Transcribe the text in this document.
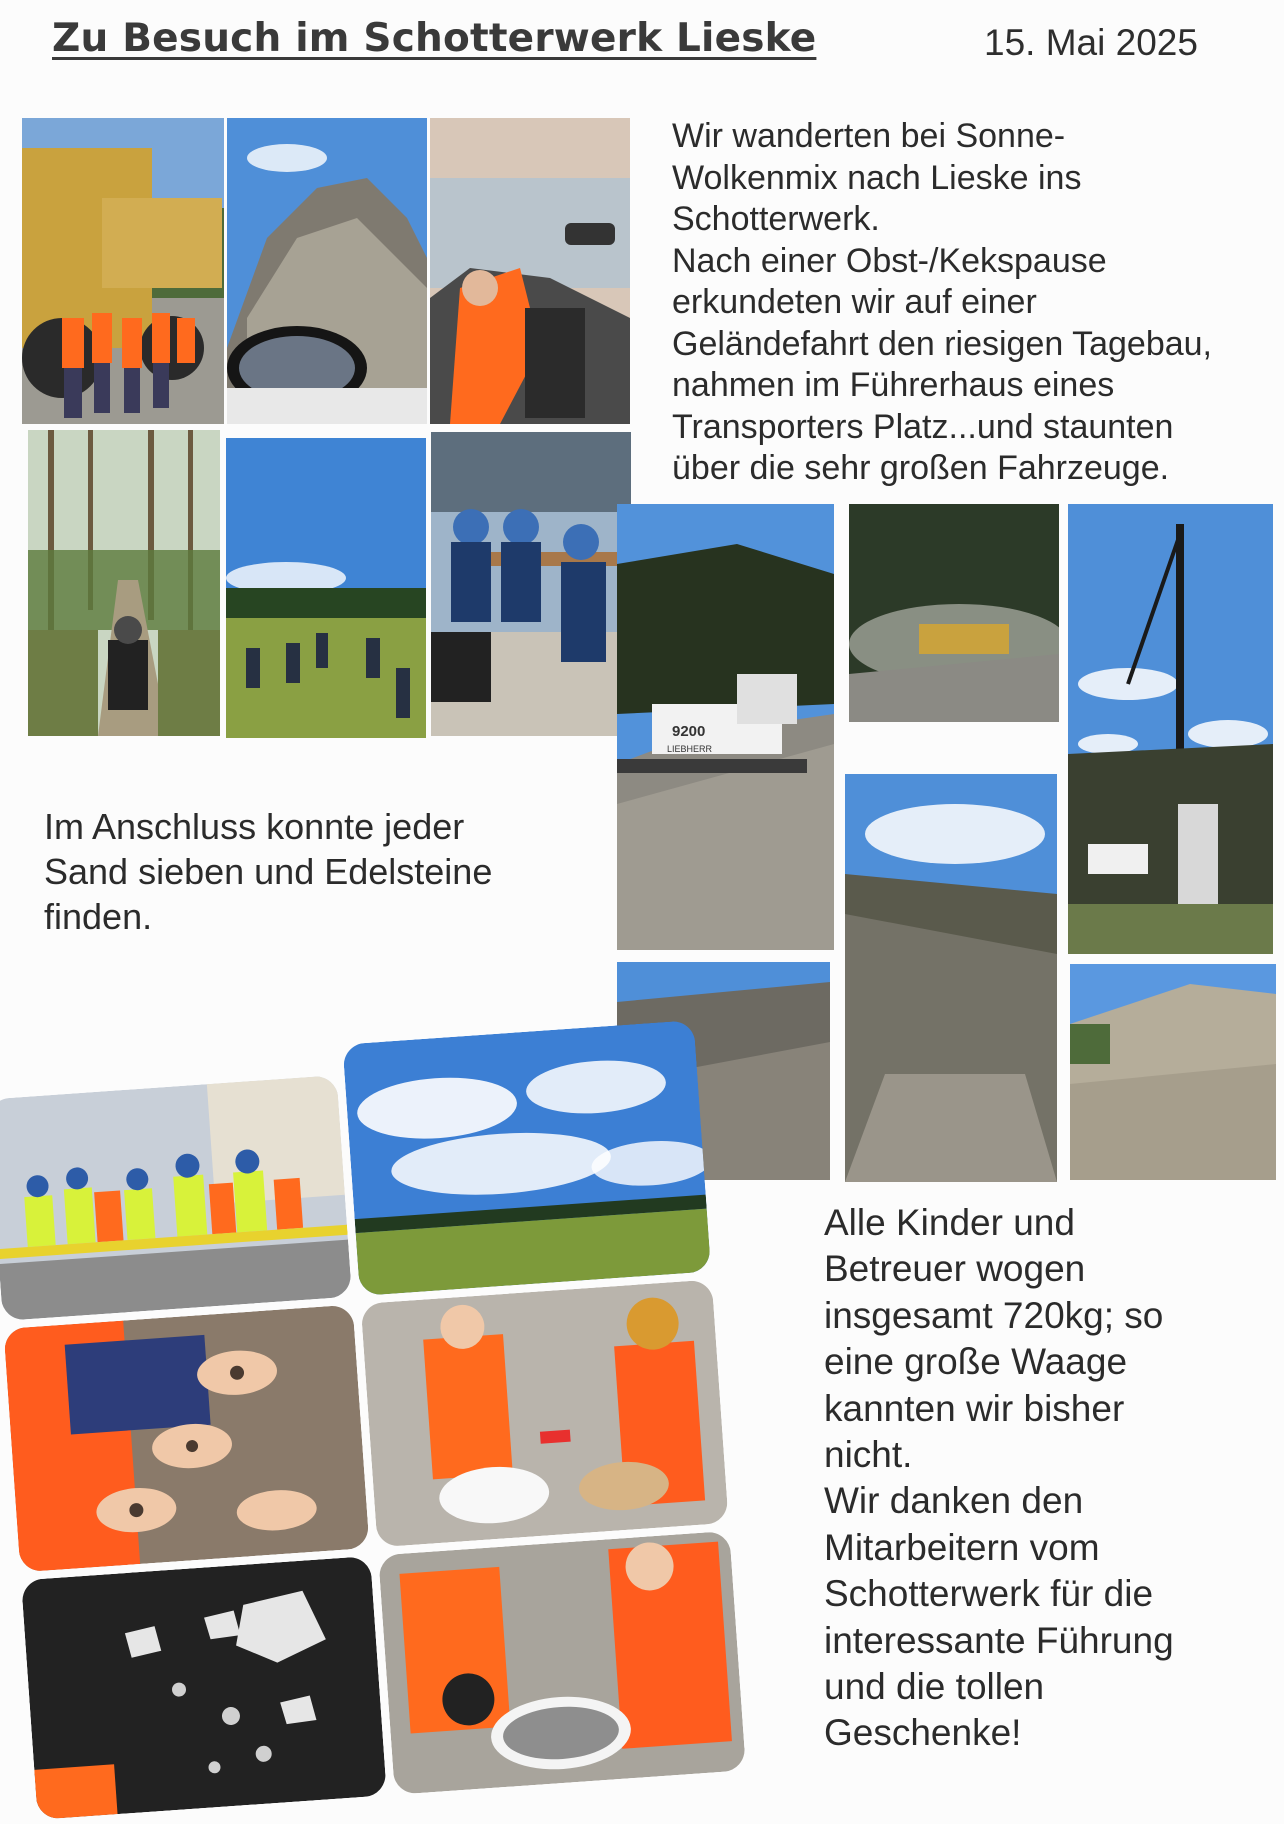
Zu Besuch im Schotterwerk Lieske	15. Mai 2025
9200
LIEBHERR
Wir wanderten bei Sonne-
Wolkenmix nach Lieske ins
Schotterwerk.
Nach einer Obst-/Kekspause
erkundeten wir auf einer
Geländefahrt den riesigen Tagebau,
nahmen im Führerhaus eines
Transporters Platz...und staunten
über die sehr großen Fahrzeuge.
Im Anschluss konnte jeder
Sand sieben und Edelsteine
finden.
Alle Kinder und
Betreuer wogen
insgesamt 720kg; so
eine große Waage
kannten wir bisher
nicht.
Wir danken den
Mitarbeitern vom
Schotterwerk für die
interessante Führung
und die tollen
Geschenke!
